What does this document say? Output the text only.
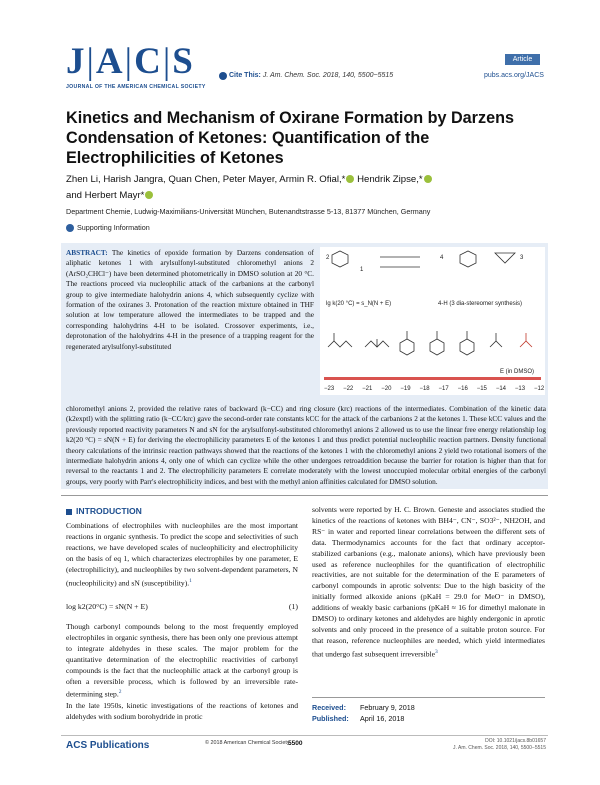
J|A|C|S
JOURNAL OF THE AMERICAN CHEMICAL SOCIETY
Article
Cite This: J. Am. Chem. Soc. 2018, 140, 5500−5515	pubs.acs.org/JACS
Kinetics and Mechanism of Oxirane Formation by Darzens Condensation of Ketones: Quantification of the Electrophilicities of Ketones
Zhen Li, Harish Jangra, Quan Chen, Peter Mayer, Armin R. Ofial,* Hendrik Zipse,*
and Herbert Mayr*
Department Chemie, Ludwig-Maximilians-Universität München, Butenandtstrasse 5-13, 81377 München, Germany
Supporting Information
ABSTRACT: The kinetics of epoxide formation by Darzens condensation of aliphatic ketones 1 with arylsulfonyl-substituted chloromethyl anions 2 (ArSO₂CHCl⁻) have been determined photometrically in DMSO solution at 20 °C. The reactions proceed via nucleophilic attack of the carbanions at the carbonyl group to give intermediate halohydrin anions 4, which subsequently cyclize with formation of the oxiranes 3. Protonation of the reaction mixture obtained in THF solution at low temperature allowed the intermediates to be trapped and the corresponding halohydrins 4-H to be isolated. Crossover experiments, i.e., deprotonation of the halohydrins 4-H in the presence of a trapping reagent for the regenerated arylsulfonyl-substituted
2
1
3
4
lg k(20 °C) = s_N(N + E)	4-H (3 dia-stereomer synthesis)
E (in DMSO)
−23 −22 −21 −20 −19 −18 −17 −16 −15 −14 −13 −12
chloromethyl anions 2, provided the relative rates of backward (k−CC) and ring closure (krc) reactions of the intermediates. Combination of the kinetic data (k2exptl) with the splitting ratio (k−CC/krc) gave the second-order rate constants kCC for the attack of the carbanions 2 at the ketones 1. These kCC values and the previously reported reactivity parameters N and sN for the arylsulfonyl-substituted chloromethyl anions 2 allowed us to use the linear free energy relationship log k2(20 °C) = sN(N + E) for deriving the electrophilicity parameters E of the ketones 1 and thus predict potential nucleophilic reaction partners. Density functional theory calculations of the intrinsic reaction pathways showed that the reactions of the ketones 1 with the chloromethyl anions 2 yield two rotational isomers of the intermediate halohydrin anions 4, only one of which can cyclize while the other undergoes retroaddition because the barrier for rotation is higher than that for reversal to the reactants 1 and 2. The electrophilicity parameters E correlate moderately with the lowest unoccupied molecular orbital energies of the carbonyl groups, very poorly with Parr's electrophilicity indices, and best with the methyl anion affinities calculated for DMSO solution.
INTRODUCTION
Combinations of electrophiles with nucleophiles are the most important reactions in organic synthesis. To predict the scope and selectivities of such reactions, we have developed scales of nucleophilicity and electrophilicity on the basis of eq 1, which characterizes electrophiles by one parameter, E (electrophilicity), and nucleophiles by two solvent-dependent parameters, N (nucleophilicity) and sN (susceptibility).$^1$
log k2(20°C) = sN(N + E)	(1)
Though carbonyl compounds belong to the most frequently employed electrophiles in organic synthesis, there has been only one previous attempt to integrate aldehydes in these scales. The major problem for the quantitative determination of the electrophilic reactivities of carbonyl compounds is the fact that the nucleophilic attack at the carbonyl group is often a reversible process, which is followed by an irreversible rate-determining step.$^2$
In the late 1950s, kinetic investigations of the reactions of ketones and aldehydes with sodium borohydride in protic
solvents were reported by H. C. Brown. Geneste and associates studied the kinetics of the reactions of ketones with BH4⁻, CN⁻, SO3²⁻, NH2OH, and RS⁻ in water and reported linear correlations between the different sets of data. Thermodynamics accounts for the fact that ordinary acceptor-stabilized carbanions (e.g., malonate anions), which have previously been used as reference nucleophiles for the quantification of electrophilic reactivities, are not suitable for the determination of the E parameters of carbonyl compounds in aprotic solvents: Due to the high basicity of the initially formed alkoxide anions (pKaH = 29.0 for MeO⁻ in DMSO), additions of weakly basic carbanions (pKaH ≈ 16 for dimethyl malonate in DMSO) to ordinary ketones and aldehydes are highly endergonic in aprotic solvents and only proceed in the presence of a suitable proton source. For that reason, reference nucleophiles are needed, which yield intermediates that undergo fast subsequent irreversible$^3$
Received: February 9, 2018
Published: April 16, 2018
ACS Publications	© 2018 American Chemical Society
5500	DOI: 10.1021/jacs.8b01657
J. Am. Chem. Soc. 2018, 140, 5500−5515
